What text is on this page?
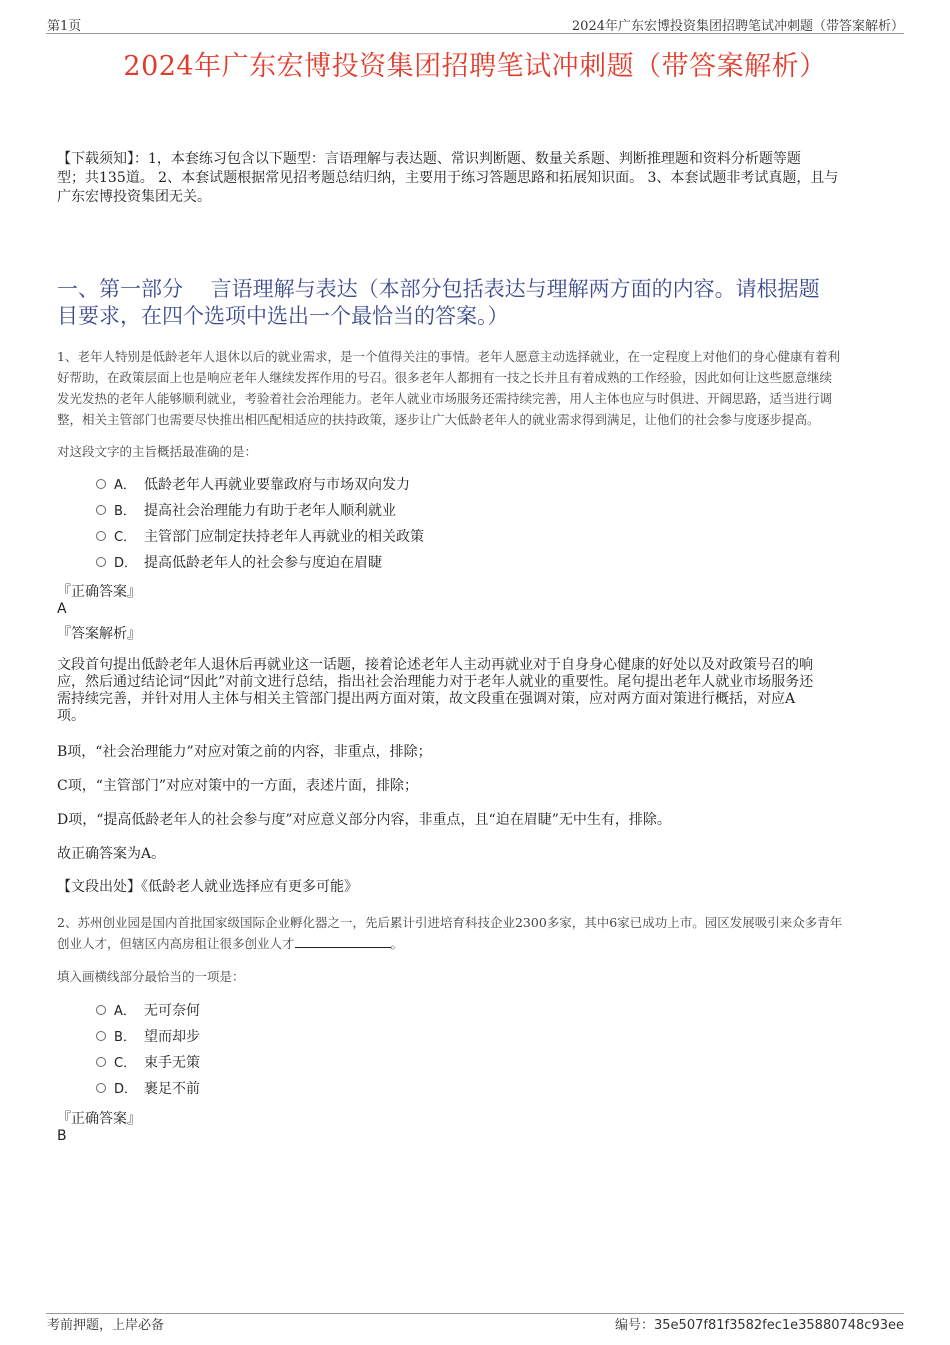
第1页	2024年广东宏博投资集团招聘笔试冲刺题（带答案解析）
2024年广东宏博投资集团招聘笔试冲刺题（带答案解析）
【下载须知】：1，本套练习包含以下题型：言语理解与表达题、常识判断题、数量关系题、判断推理题和资料分析题等题
型；共135道。 2、本套试题根据常见招考题总结归纳，主要用于练习答题思路和拓展知识面。 3、本套试题非考试真题，且与
广东宏博投资集团无关。
一、第一部分　 言语理解与表达（本部分包括表达与理解两方面的内容。请根据题
目要求，在四个选项中选出一个最恰当的答案。）
1、老年人特别是低龄老年人退休以后的就业需求，是一个值得关注的事情。老年人愿意主动选择就业，在一定程度上对他们的身心健康有着利
好帮助，在政策层面上也是响应老年人继续发挥作用的号召。很多老年人都拥有一技之长并且有着成熟的工作经验，因此如何让这些愿意继续
发光发热的老年人能够顺利就业，考验着社会治理能力。老年人就业市场服务还需持续完善，用人主体也应与时俱进、开阔思路，适当进行调
整，相关主管部门也需要尽快推出相匹配相适应的扶持政策，逐步让广大低龄老年人的就业需求得到满足，让他们的社会参与度逐步提高。
对这段文字的主旨概括最准确的是：
A． 低龄老年人再就业要靠政府与市场双向发力
B． 提高社会治理能力有助于老年人顺利就业
C． 主管部门应制定扶持老年人再就业的相关政策
D． 提高低龄老年人的社会参与度迫在眉睫
『正确答案』
A
『答案解析』
文段首句提出低龄老年人退休后再就业这一话题，接着论述老年人主动再就业对于自身身心健康的好处以及对政策号召的响
应，然后通过结论词“因此”对前文进行总结，指出社会治理能力对于老年人就业的重要性。尾句提出老年人就业市场服务还
需持续完善，并针对用人主体与相关主管部门提出两方面对策，故文段重在强调对策，应对两方面对策进行概括，对应A
项。
B项，“社会治理能力”对应对策之前的内容，非重点，排除；
C项，“主管部门”对应对策中的一方面，表述片面，排除；
D项，“提高低龄老年人的社会参与度”对应意义部分内容，非重点，且“迫在眉睫”无中生有，排除。
故正确答案为A。
【文段出处】《低龄老人就业选择应有更多可能》
2、苏州创业园是国内首批国家级国际企业孵化器之一，先后累计引进培育科技企业2300多家，其中6家已成功上市。园区发展吸引来众多青年
创业人才，但辖区内高房租让很多创业人才	。
填入画横线部分最恰当的一项是：
A． 无可奈何
B． 望而却步
C． 束手无策
D． 裹足不前
『正确答案』
B
考前押题，上岸必备	编号：35e507f81f3582fec1e35880748c93ee
